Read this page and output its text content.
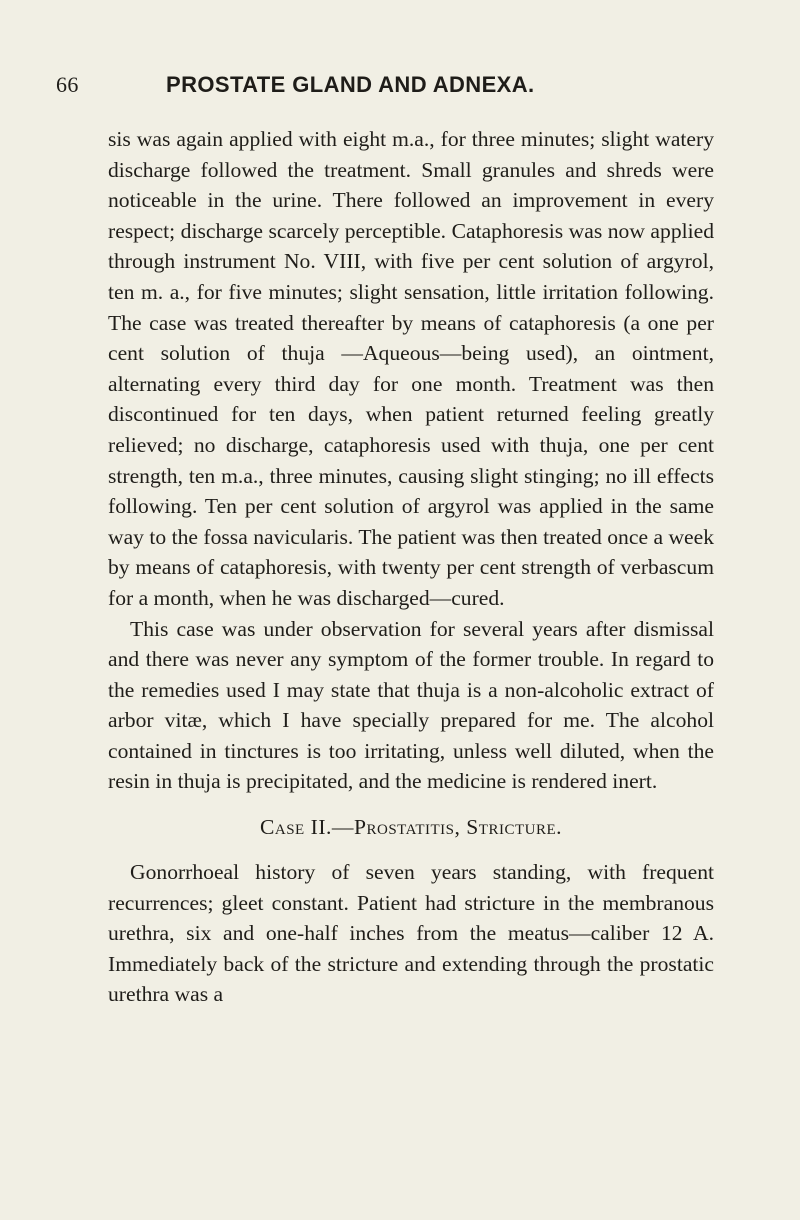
66	PROSTATE GLAND AND ADNEXA.

sis was again applied with eight m.a., for three minutes; slight watery discharge followed the treatment. Small granules and shreds were noticeable in the urine. There followed an improvement in every respect; discharge scarcely perceptible. Cataphoresis was now applied through instrument No. VIII, with five per cent solution of argyrol, ten m. a., for five minutes; slight sensation, little irritation following. The case was treated thereafter by means of cataphoresis (a one per cent solution of thuja —Aqueous—being used), an ointment, alternating every third day for one month. Treatment was then discontinued for ten days, when patient returned feeling greatly relieved; no discharge, cataphoresis used with thuja, one per cent strength, ten m.a., three minutes, causing slight stinging; no ill effects following. Ten per cent solution of argyrol was applied in the same way to the fossa navicularis. The patient was then treated once a week by means of cataphoresis, with twenty per cent strength of verbascum for a month, when he was discharged—cured.

This case was under observation for several years after dismissal and there was never any symptom of the former trouble. In regard to the remedies used I may state that thuja is a non-alcoholic extract of arbor vitæ, which I have specially prepared for me. The alcohol contained in tinctures is too irritating, unless well diluted, when the resin in thuja is precipitated, and the medicine is rendered inert.

Case II.—Prostatitis, Stricture.

Gonorrhoeal history of seven years standing, with frequent recurrences; gleet constant. Patient had stricture in the membranous urethra, six and one-half inches from the meatus—caliber 12 A. Immediately back of the stricture and extending through the prostatic urethra was a
